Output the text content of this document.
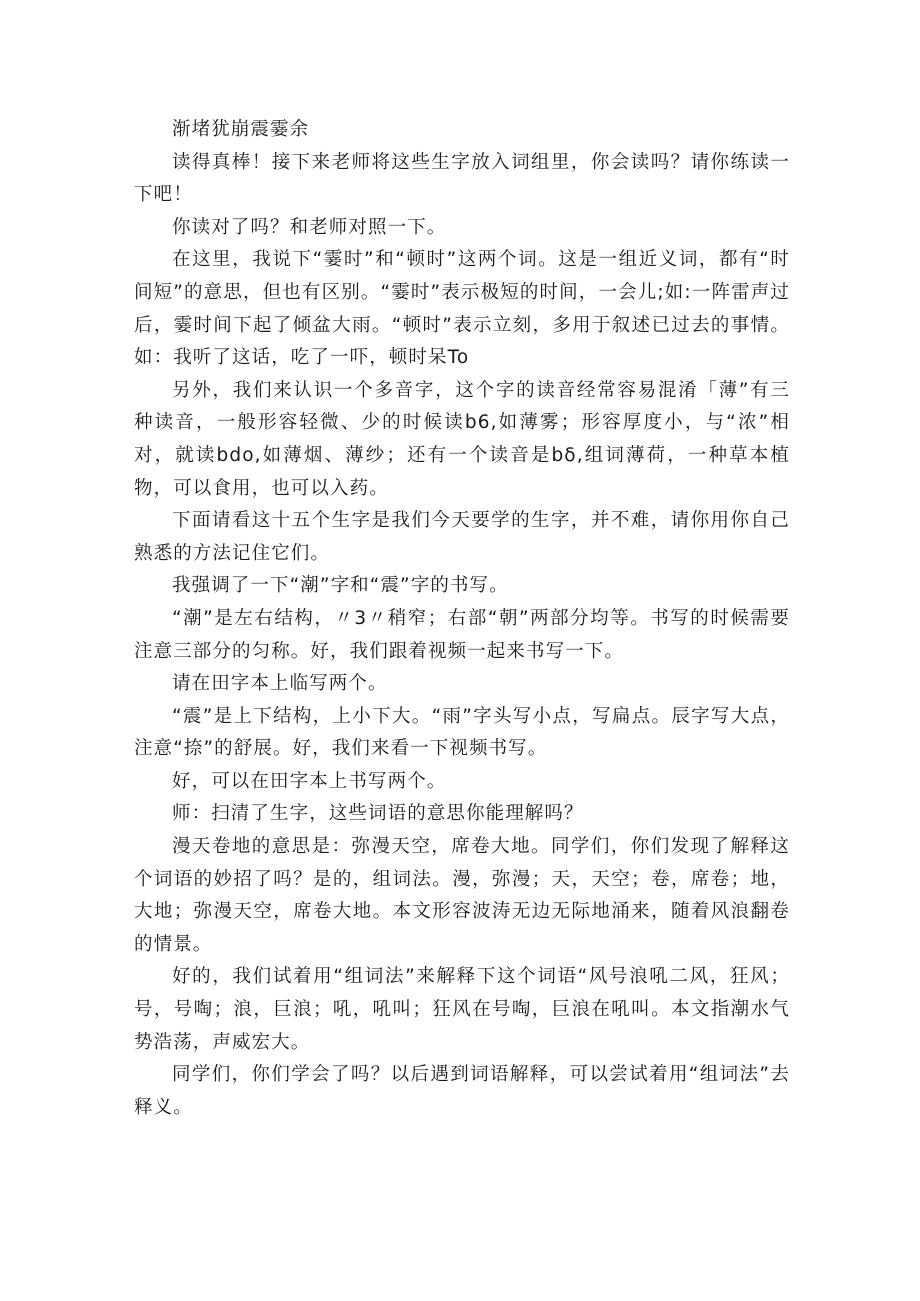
渐堵犹崩震霎余

读得真棒！接下来老师将这些生字放入词组里，你会读吗？请你练读一下吧！

你读对了吗？和老师对照一下。

在这里，我说下“霎时”和“顿时”这两个词。这是一组近义词，都有“时间短”的意思，但也有区别。“霎时”表示极短的时间，一会儿;如:一阵雷声过后，霎时间下起了倾盆大雨。“顿时”表示立刻，多用于叙述已过去的事情。如：我听了这话，吃了一吓，顿时呆To

另外，我们来认识一个多音字，这个字的读音经常容易混淆「薄”有三种读音，一般形容轻微、少的时候读b6,如薄雾；形容厚度小，与“浓”相对，就读bdo,如薄烟、薄纱；还有一个读音是bδ,组词薄荷，一种草本植物，可以食用，也可以入药。

下面请看这十五个生字是我们今天要学的生字，并不难，请你用你自己熟悉的方法记住它们。

我强调了一下“潮”字和“震”字的书写。

“潮”是左右结构，〃3〃稍窄；右部“朝”两部分均等。书写的时候需要注意三部分的匀称。好，我们跟着视频一起来书写一下。

请在田字本上临写两个。

“震”是上下结构，上小下大。“雨”字头写小点，写扁点。辰字写大点，注意“捺”的舒展。好，我们来看一下视频书写。

好，可以在田字本上书写两个。

师：扫清了生字，这些词语的意思你能理解吗？

漫天卷地的意思是：弥漫天空，席卷大地。同学们，你们发现了解释这个词语的妙招了吗？是的，组词法。漫，弥漫；天，天空；卷，席卷；地，大地；弥漫天空，席卷大地。本文形容波涛无边无际地涌来，随着风浪翻卷的情景。

好的，我们试着用“组词法”来解释下这个词语“风号浪吼二风，狂风；号，号啕；浪，巨浪；吼，吼叫；狂风在号啕，巨浪在吼叫。本文指潮水气势浩荡，声威宏大。

同学们，你们学会了吗？以后遇到词语解释，可以尝试着用“组词法”去释义。
